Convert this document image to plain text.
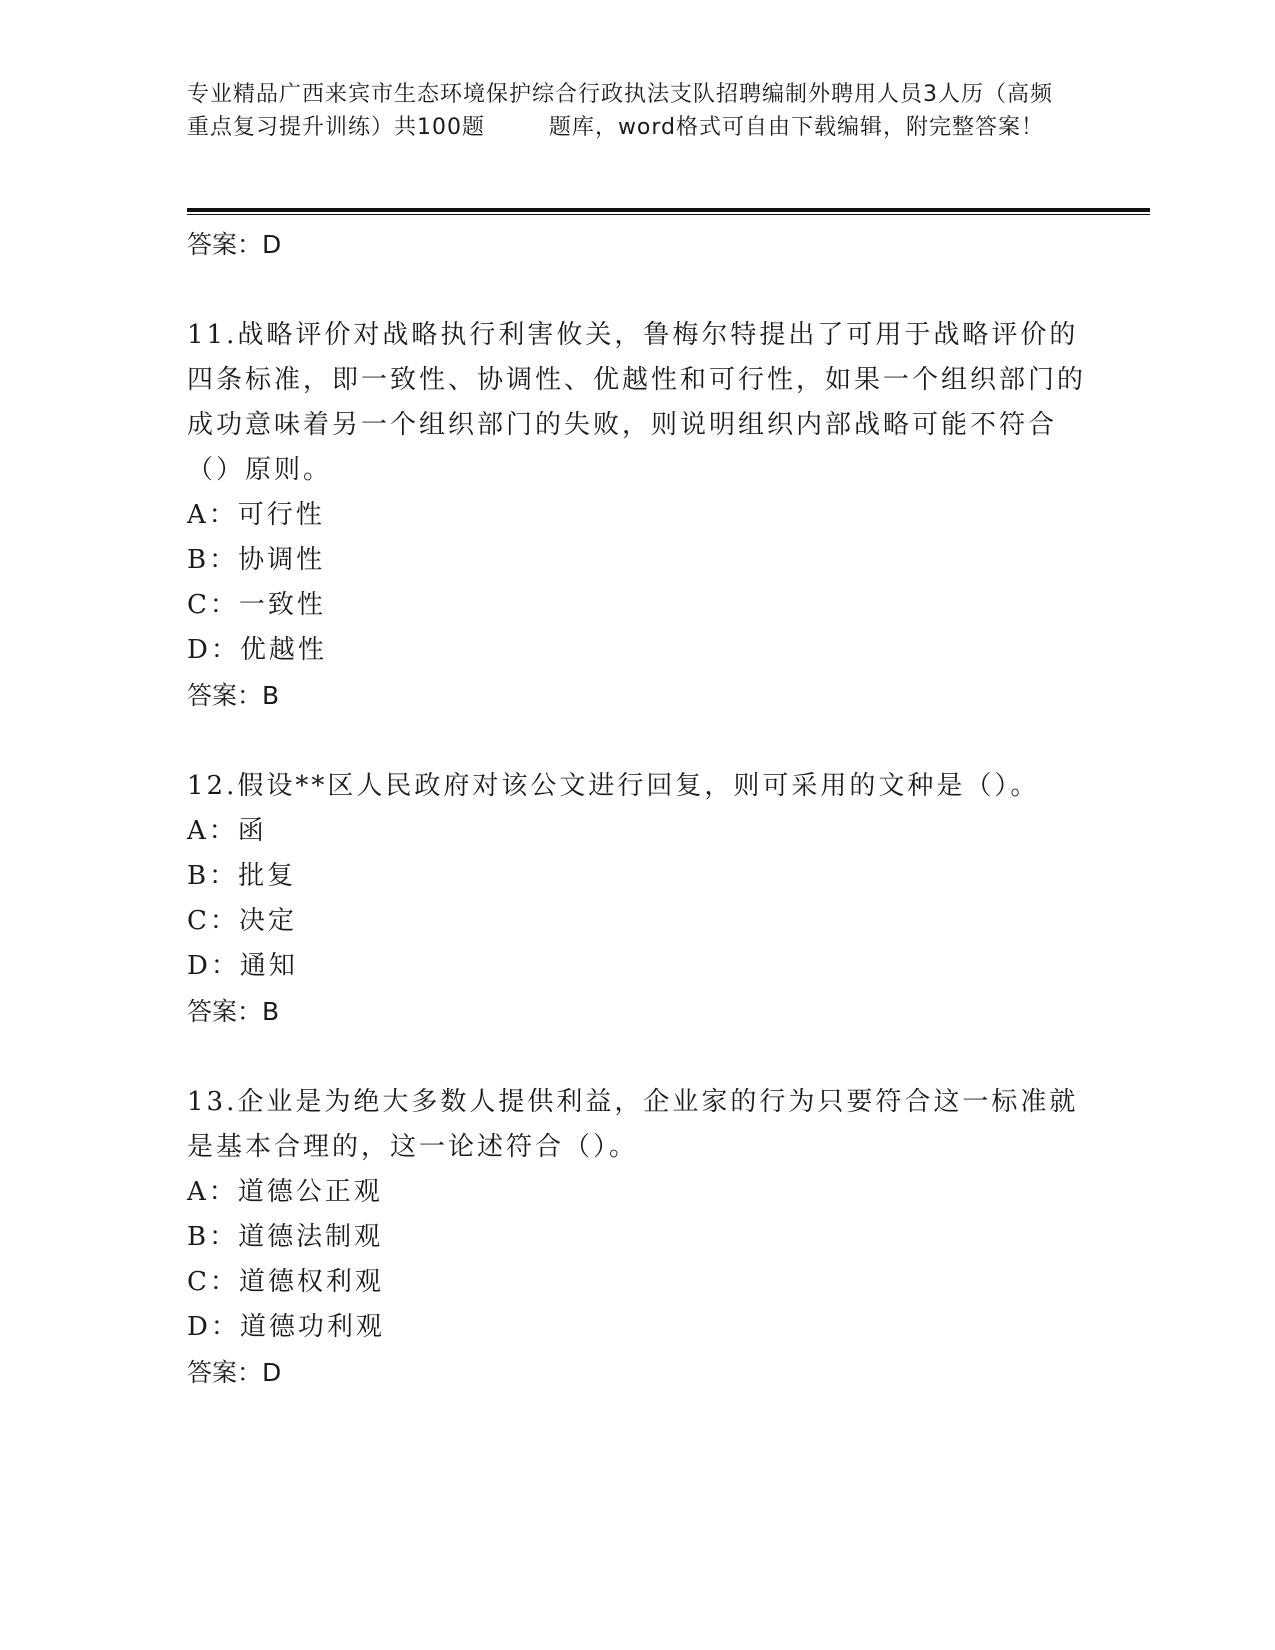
专业精品广西来宾市生态环境保护综合行政执法支队招聘编制外聘用人员3人历（高频重点复习提升训练）共100题        题库，word格式可自由下载编辑，附完整答案！
答案：D

11.战略评价对战略执行利害攸关，鲁梅尔特提出了可用于战略评价的四条标准，即一致性、协调性、优越性和可行性，如果一个组织部门的成功意味着另一个组织部门的失败，则说明组织内部战略可能不符合（）原则。

A：可行性

B：协调性

C：一致性

D：优越性

答案：B

12.假设**区人民政府对该公文进行回复，则可采用的文种是（）。

A：函

B：批复

C：决定

D：通知

答案：B

13.企业是为绝大多数人提供利益，企业家的行为只要符合这一标准就是基本合理的，这一论述符合（）。

A：道德公正观

B：道德法制观

C：道德权利观

D：道德功利观

答案：D
